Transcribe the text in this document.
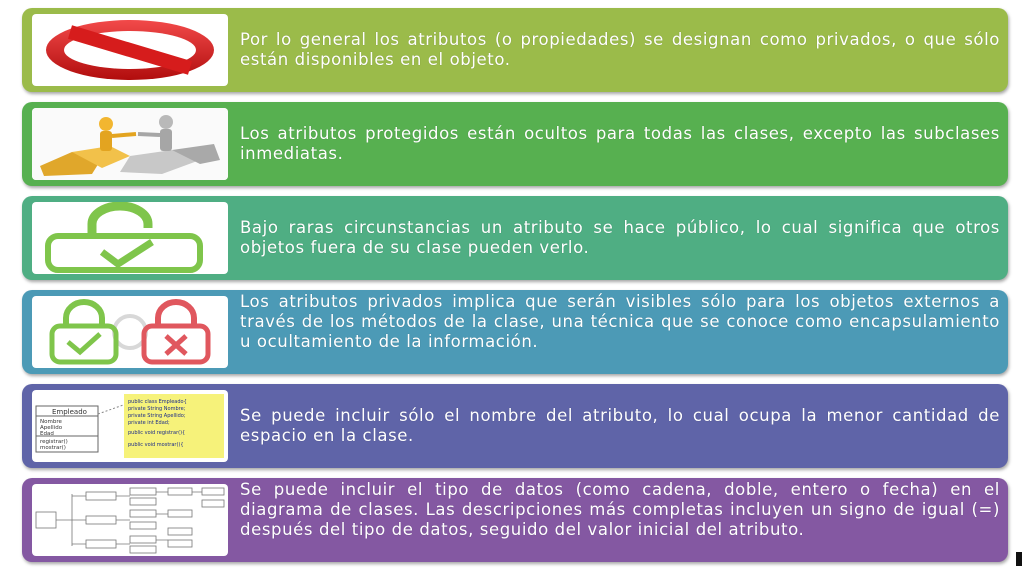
Por lo general los atributos (o propiedades) se designan como privados, o que sólo están disponibles en el objeto.
Los atributos protegidos están ocultos para todas las clases, excepto las subclases inmediatas.
Bajo raras circunstancias un atributo se hace público, lo cual significa que otros objetos fuera de su clase pueden verlo.
Los atributos privados implica que serán visibles sólo para los objetos externos a través de los métodos de la clase, una técnica que se conoce como encapsulamiento u ocultamiento de la información.
Empleado
Nombre
Apellido
Edad
registrar()
mostrar()
public class Empleado{
private String Nombre;
private String Apellido;
private int Edad;
public void registrar(){
public void mostrar(){
Se puede incluir sólo el nombre del atributo, lo cual ocupa la menor cantidad de espacio en la clase.
Se puede incluir el tipo de datos (como cadena, doble, entero o fecha) en el diagrama de clases. Las descripciones más completas incluyen un signo de igual (=) después del tipo de datos, seguido del valor inicial del atributo.
